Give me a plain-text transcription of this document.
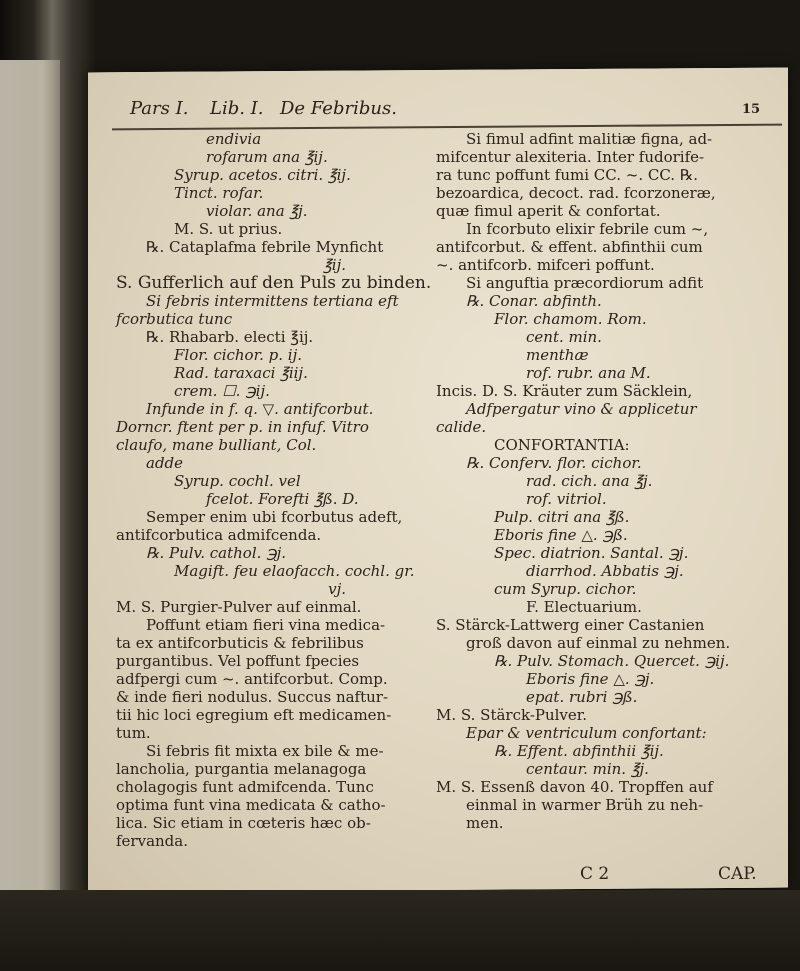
Pars I. Lib. I. De Febribus.	15
endivia
rofarum ana ℥ij.
Syrup. acetos. citri. ℥ij.
Tinct. rofar.
violar. ana ℥j.
M. S. ut prius.
℞. Cataplafma febrile Mynficht
℥ij.
S. Gufferlich auf den Puls zu binden.
Si febris intermittens tertiana eft
fcorbutica tunc
℞. Rhabarb. electi ℥ij.
Flor. cichor. p. ij.
Rad. taraxaci ℥iij.
crem. ☐. ℈ij.
Infunde in f. q. ▽. antifcorbut.
Dorncr. ftent per p. in infuf. Vitro
claufo, mane bulliant, Col.
adde
Syrup. cochl. vel
fcelot. Forefti ℥ß. D.
Semper enim ubi fcorbutus adeft,
antifcorbutica admifcenda.
℞. Pulv. cathol. ℈j.
Magift. feu elaofacch. cochl. gr.
vj.
M. S. Purgier-Pulver auf einmal.
Poffunt etiam fieri vina medica-
ta ex antifcorbuticis & febrilibus
purgantibus. Vel poffunt fpecies
adfpergi cum ~. antifcorbut. Comp.
& inde fieri nodulus. Succus naftur-
tii hic loci egregium eft medicamen-
tum.
Si febris fit mixta ex bile & me-
lancholia, purgantia melanagoga
cholagogis funt admifcenda. Tunc
optima funt vina medicata & catho-
lica. Sic etiam in cœteris hæc ob-
fervanda.
Si fimul adfint malitiæ figna, ad-
mifcentur alexiteria. Inter fudorife-
ra tunc poffunt fumi CC. ~. CC. ℞.
bezoardica, decoct. rad. fcorzoneræ,
quæ fimul aperit & confortat.
In fcorbuto elixir febrile cum ~,
antifcorbut. & effent. abfinthii cum
~. antifcorb. mifceri poffunt.
Si anguftia præcordiorum adfit
℞. Conar. abfinth.
Flor. chamom. Rom.
cent. min.
menthæ
rof. rubr. ana M.
Incis. D. S. Kräuter zum Säcklein,
Adfpergatur vino & applicetur
calide.
CONFORTANTIA:
℞. Conferv. flor. cichor.
rad. cich. ana ℥j.
rof. vitriol.
Pulp. citri ana ℥ß.
Eboris fine △. ℈ß.
Spec. diatrion. Santal. ℈j.
diarrhod. Abbatis ℈j.
cum Syrup. cichor.
F. Electuarium.
S. Stärck-Lattwerg einer Castanien
groß davon auf einmal zu nehmen.
℞. Pulv. Stomach. Quercet. ℈ij.
Eboris fine △. ℈j.
epat. rubri ℈ß.
M. S. Stärck-Pulver.
Epar & ventriculum confortant:
℞. Effent. abfinthii ℥ij.
centaur. min. ℥j.
M. S. Essenß davon 40. Tropffen auf
einmal in warmer Brüh zu neh-
men.
C 2	CAP.
